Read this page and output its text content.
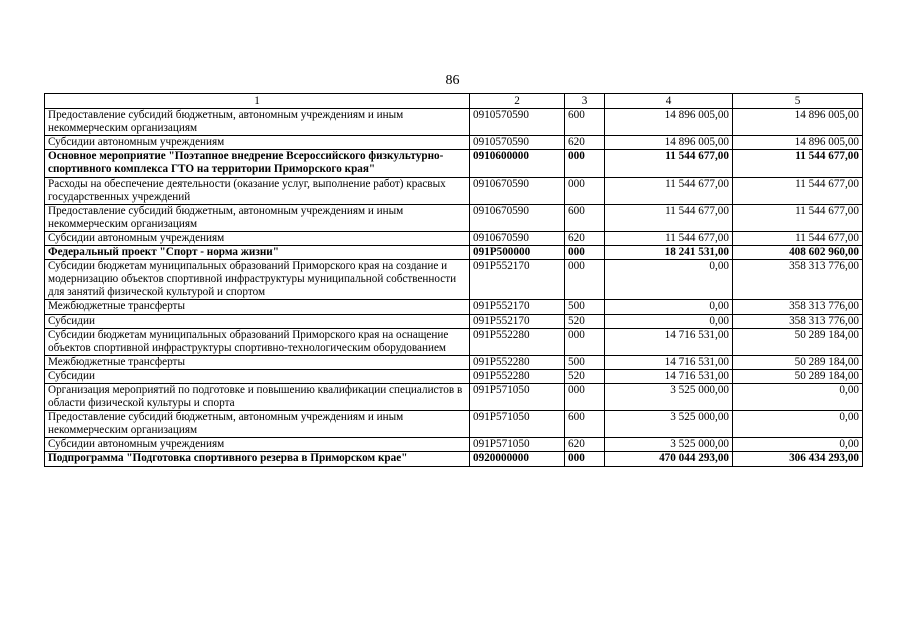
86
1	2	3	4	5
Предоставление субсидий бюджетным, автономным учреждениям и иным некоммерческим организациям	0910570590	600	14 896 005,00	14 896 005,00
Субсидии автономным учреждениям	0910570590	620	14 896 005,00	14 896 005,00
Основное мероприятие "Поэтапное внедрение Всероссийского физкультурно-спортивного комплекса ГТО на территории Приморского края"	0910600000	000	11 544 677,00	11 544 677,00
Расходы на обеспечение деятельности (оказание услуг, выполнение работ) красвых государственных учреждений	0910670590	000	11 544 677,00	11 544 677,00
Предоставление субсидий бюджетным, автономным учреждениям и иным некоммерческим организациям	0910670590	600	11 544 677,00	11 544 677,00
Субсидии автономным учреждениям	0910670590	620	11 544 677,00	11 544 677,00
Федеральный проект "Спорт - норма жизни"	091P500000	000	18 241 531,00	408 602 960,00
Субсидии бюджетам муниципальных образований Приморского края на создание и модернизацию объектов спортивной инфраструктуры муниципальной собственности для занятий физической культурой и спортом	091P552170	000	0,00	358 313 776,00
Межбюджетные трансферты	091P552170	500	0,00	358 313 776,00
Субсидии	091P552170	520	0,00	358 313 776,00
Субсидии бюджетам муниципальных образований Приморского края на оснащение объектов спортивной инфраструктуры спортивно-технологическим оборудованием	091P552280	000	14 716 531,00	50 289 184,00
Межбюджетные трансферты	091P552280	500	14 716 531,00	50 289 184,00
Субсидии	091P552280	520	14 716 531,00	50 289 184,00
Организация мероприятий по подготовке и повышению квалификации специалистов в области физической культуры и спорта	091P571050	000	3 525 000,00	0,00
Предоставление субсидий бюджетным, автономным учреждениям и иным некоммерческим организациям	091P571050	600	3 525 000,00	0,00
Субсидии автономным учреждениям	091P571050	620	3 525 000,00	0,00
Подпрограмма "Подготовка спортивного резерва в Приморском крае"	0920000000	000	470 044 293,00	306 434 293,00
